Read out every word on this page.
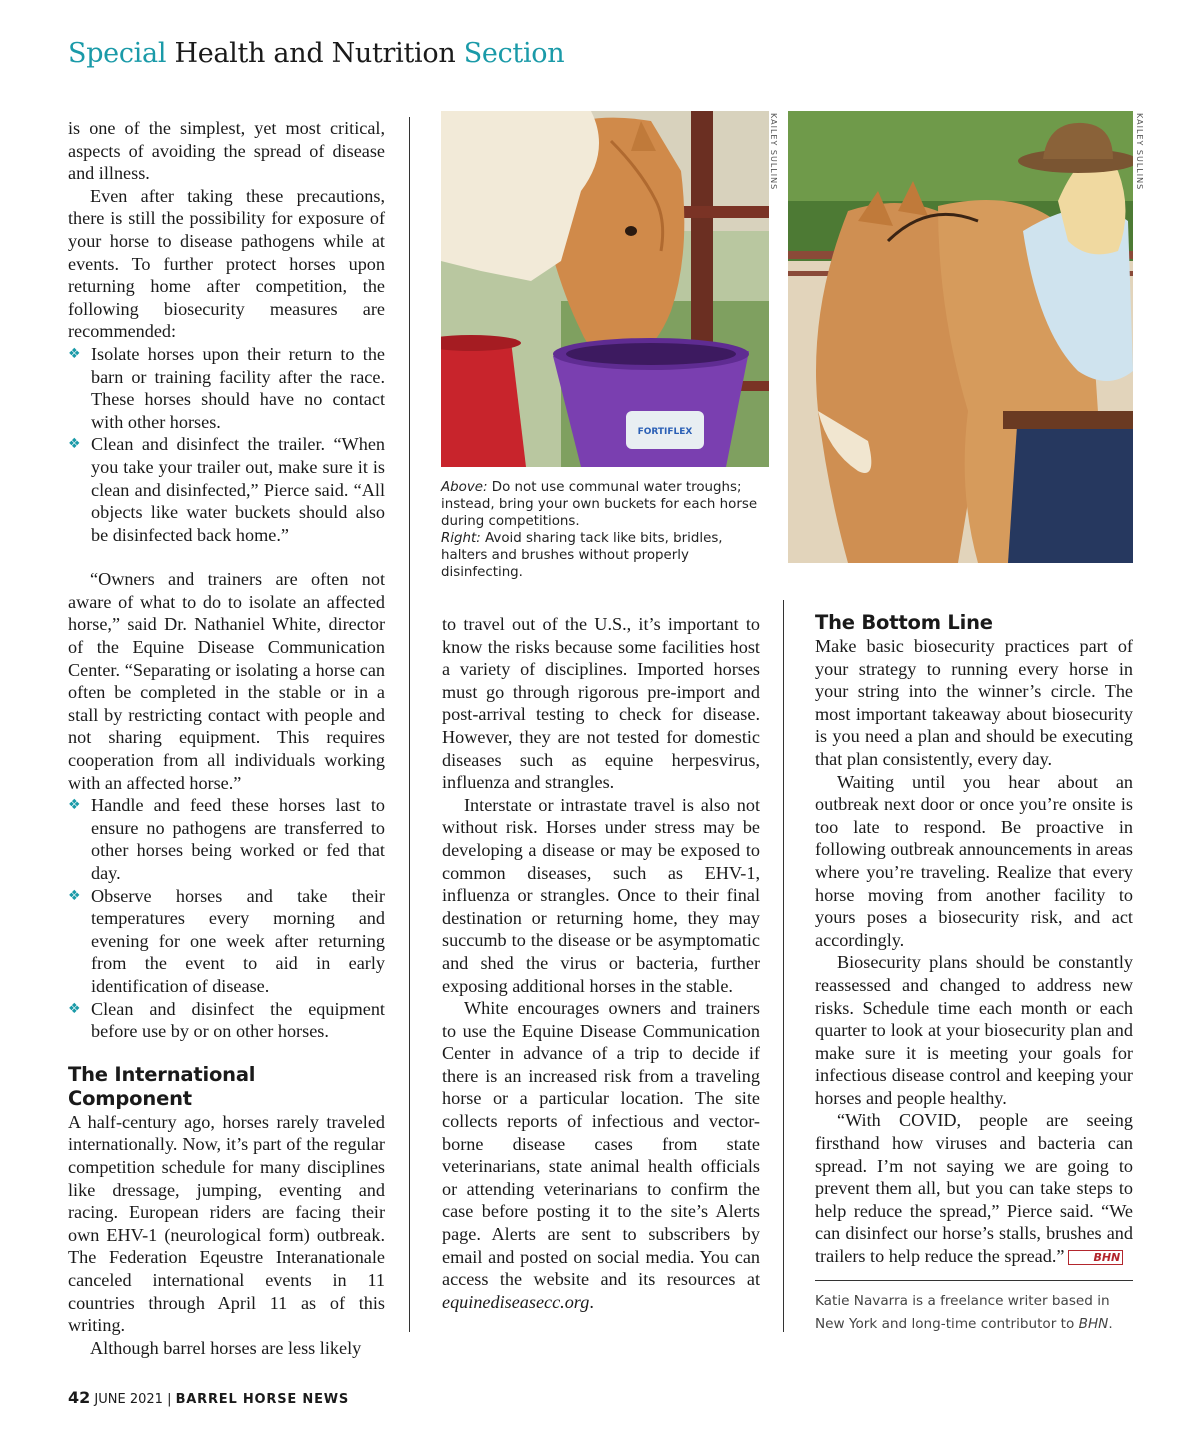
Special Health and Nutrition Section

is one of the simplest, yet most critical, aspects of avoiding the spread of disease and illness.

Even after taking these precautions, there is still the possibility for exposure of your horse to disease pathogens while at events. To further protect horses upon returning home after competition, the following biosecurity measures are recommended:

❖ Isolate horses upon their return to the barn or training facility after the race. These horses should have no contact with other horses.
❖ Clean and disinfect the trailer. “When you take your trailer out, make sure it is clean and disinfected,” Pierce said. “All objects like water buckets should also be disinfected back home.”

“Owners and trainers are often not aware of what to do to isolate an affected horse,” said Dr. Nathaniel White, director of the Equine Disease Communication Center. “Separating or isolating a horse can often be completed in the stable or in a stall by restricting contact with people and not sharing equipment. This requires cooperation from all individuals working with an affected horse.”

❖ Handle and feed these horses last to ensure no pathogens are transferred to other horses being worked or fed that day.
❖ Observe horses and take their temperatures every morning and evening for one week after returning from the event to aid in early identification of disease.
❖ Clean and disinfect the equipment before use by or on other horses.
The International Component

A half-century ago, horses rarely traveled internationally. Now, it’s part of the regular competition schedule for many disciplines like dressage, jumping, eventing and racing. European riders are facing their own EHV-1 (neurological form) outbreak. The Federation Eqeustre Interanationale canceled international events in 11 countries through April 11 as of this writing.

Although barrel horses are less likely

FORTIFLEX
KAILEY SULLINS	KAILEY SULLINS

Above: Do not use communal water troughs; instead, bring your own buckets for each horse during competitions.

Right: Avoid sharing tack like bits, bridles, halters and brushes without properly disinfecting.

to travel out of the U.S., it’s important to know the risks because some facilities host a variety of disciplines. Imported horses must go through rigorous pre-import and post-arrival testing to check for disease. However, they are not tested for domestic diseases such as equine herpesvirus, influenza and strangles.

Interstate or intrastate travel is also not without risk. Horses under stress may be developing a disease or may be exposed to common diseases, such as EHV-1, influenza or strangles. Once to their final destination or returning home, they may succumb to the disease or be asymptomatic and shed the virus or bacteria, further exposing additional horses in the stable.

White encourages owners and trainers to use the Equine Disease Communication Center in advance of a trip to decide if there is an increased risk from a traveling horse or a particular location. The site collects reports of infectious and vector-borne disease cases from state veterinarians, state animal health officials or attending veterinarians to confirm the case before posting it to the site’s Alerts page. Alerts are sent to subscribers by email and posted on social media. You can access the website and its resources at equinediseasecc.org.

The Bottom Line

Make basic biosecurity practices part of your strategy to running every horse in your string into the winner’s circle. The most important takeaway about biosecurity is you need a plan and should be executing that plan consistently, every day.

Waiting until you hear about an outbreak next door or once you’re onsite is too late to respond. Be proactive in following outbreak announcements in areas where you’re traveling. Realize that every horse moving from another facility to yours poses a biosecurity risk, and act accordingly.

Biosecurity plans should be constantly reassessed and changed to address new risks. Schedule time each month or each quarter to look at your biosecurity plan and make sure it is meeting your goals for infectious disease control and keeping your horses and people healthy.

“With COVID, people are seeing firsthand how viruses and bacteria can spread. I’m not saying we are going to prevent them all, but you can take steps to help reduce the spread,” Pierce said. “We can disinfect our horse’s stalls, brushes and trailers to help reduce the spread.”	BHN

Katie Navarra is a freelance writer based in New York and long-time contributor to BHN.
42 JUNE 2021 | BARREL HORSE NEWS
